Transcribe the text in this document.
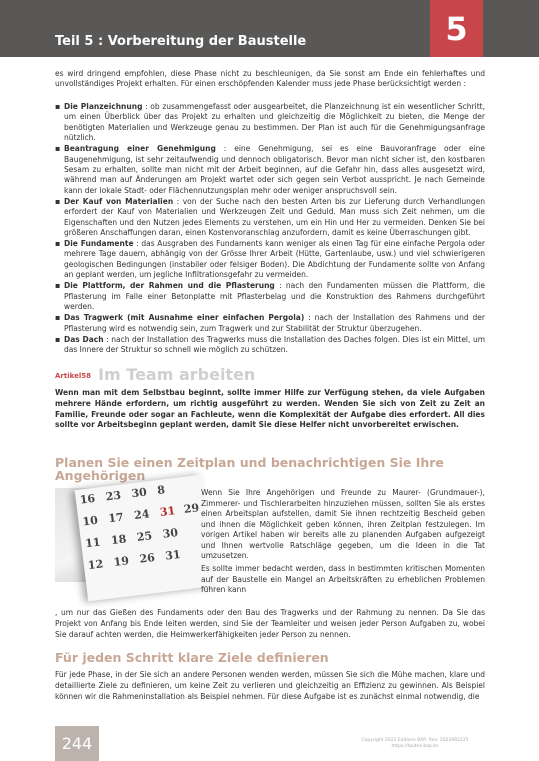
Teil 5 : Vorbereitung der Baustelle	5

es wird dringend empfohlen, diese Phase nicht zu beschleunigen, da Sie sonst am Ende ein fehlerhaftes und unvollständiges Projekt erhalten. Für einen erschöpfenden Kalender muss jede Phase berücksichtigt werden :

▪ Die Planzeichnung : ob zusammengefasst oder ausgearbeitet, die Planzeichnung ist ein wesentlicher Schritt, um einen Überblick über das Projekt zu erhalten und gleichzeitig die Möglichkeit zu bieten, die Menge der benötigten Materialien und Werkzeuge genau zu bestimmen. Der Plan ist auch für die Genehmigungsanfrage nützlich.
▪ Beantragung einer Genehmigung : eine Genehmigung, sei es eine Bauvoranfrage oder eine Baugenehmigung, ist sehr zeitaufwendig und dennoch obligatorisch. Bevor man nicht sicher ist, den kostbaren Sesam zu erhalten, sollte man nicht mit der Arbeit beginnen, auf die Gefahr hin, dass alles ausgesetzt wird, während man auf Änderungen am Projekt wartet oder sich gegen sein Verbot ausspricht. Je nach Gemeinde kann der lokale Stadt- oder Flächennutzungsplan mehr oder weniger anspruchsvoll sein.
▪ Der Kauf von Materialien : von der Suche nach den besten Arten bis zur Lieferung durch Verhandlungen erfordert der Kauf von Materialien und Werkzeugen Zeit und Geduld. Man muss sich Zeit nehmen, um die Eigenschaften und den Nutzen jedes Elements zu verstehen, um ein Hin und Her zu vermeiden. Denken Sie bei größeren Anschaffungen daran, einen Kostenvoranschlag anzufordern, damit es keine Überraschungen gibt.
▪ Die Fundamente : das Ausgraben des Fundaments kann weniger als einen Tag für eine einfache Pergola oder mehrere Tage dauern, abhängig von der Grösse Ihrer Arbeit (Hütte, Gartenlaube, usw.) und viel schwierigeren geologischen Bedingungen (instabiler oder felsiger Boden). Die Abdichtung der Fundamente sollte von Anfang an geplant werden, um jegliche Infiltrationsgefahr zu vermeiden.
▪ Die Plattform, der Rahmen und die Pflasterung : nach den Fundamenten müssen die Plattform, die Pflasterung im Falle einer Betonplatte mit Pflasterbelag und die Konstruktion des Rahmens durchgeführt werden.
▪ Das Tragwerk (mit Ausnahme einer einfachen Pergola) : nach der Installation des Rahmens und der Pflasterung wird es notwendig sein, zum Tragwerk und zur Stabilität der Struktur überzugehen.
▪ Das Dach : nach der Installation des Tragwerks muss die Installation des Daches folgen. Dies ist ein Mittel, um das Innere der Struktur so schnell wie möglich zu schützen.
Artikel58 Im Team arbeiten

Wenn man mit dem Selbstbau beginnt, sollte immer Hilfe zur Verfügung stehen, da viele Aufgaben mehrere Hände erfordern, um richtig ausgeführt zu werden. Wenden Sie sich von Zeit zu Zeit an Familie, Freunde oder sogar an Fachleute, wenn die Komplexität der Aufgabe dies erfordert. All dies sollte vor Arbeitsbeginn geplant werden, damit Sie diese Helfer nicht unvorbereitet erwischen.

Planen Sie einen Zeitplan und benachrichtigen Sie Ihre Angehörigen
16 23 30 8
10 17 24 31 29
11 18 25 30
12 19 26 31

Wenn Sie Ihre Angehörigen und Freunde zu Maurer- (Grundmauer-), Zimmerer- und Tischlerarbeiten hinzuziehen müssen, sollten Sie als erstes einen Arbeitsplan aufstellen, damit Sie ihnen rechtzeitig Bescheid geben und ihnen die Möglichkeit geben können, ihren Zeitplan festzulegen. Im vorigen Artikel haben wir bereits alle zu planenden Aufgaben aufgezeigt und Ihnen wertvolle Ratschläge gegeben, um die Ideen in die Tat umzusetzen.

Es sollte immer bedacht werden, dass in bestimmten kritischen Momenten auf der Baustelle ein Mangel an Arbeitskräften zu erheblichen Problemen führen kann

, um nur das Gießen des Fundaments oder den Bau des Tragwerks und der Rahmung zu nennen. Da Sie das Projekt von Anfang bis Ende leiten werden, sind Sie der Teamleiter und weisen jeder Person Aufgaben zu, wobei Sie darauf achten werden, die Heimwerkerfähigkeiten jeder Person zu nennen.

Für jeden Schritt klare Ziele definieren

Für jede Phase, in der Sie sich an andere Personen wenden werden, müssen Sie sich die Mühe machen, klare und detaillierte Ziele zu definieren, um keine Zeit zu verlieren und gleichzeitig an Effizienz zu gewinnen. Als Beispiel können wir die Rahmeninstallation als Beispiel nehmen. Für diese Aufgabe ist es zunächst einmal notwendig, die

244	Copyright 2022 Editions BAP, Rev: 2022082225
https://toutes.bap.bs
